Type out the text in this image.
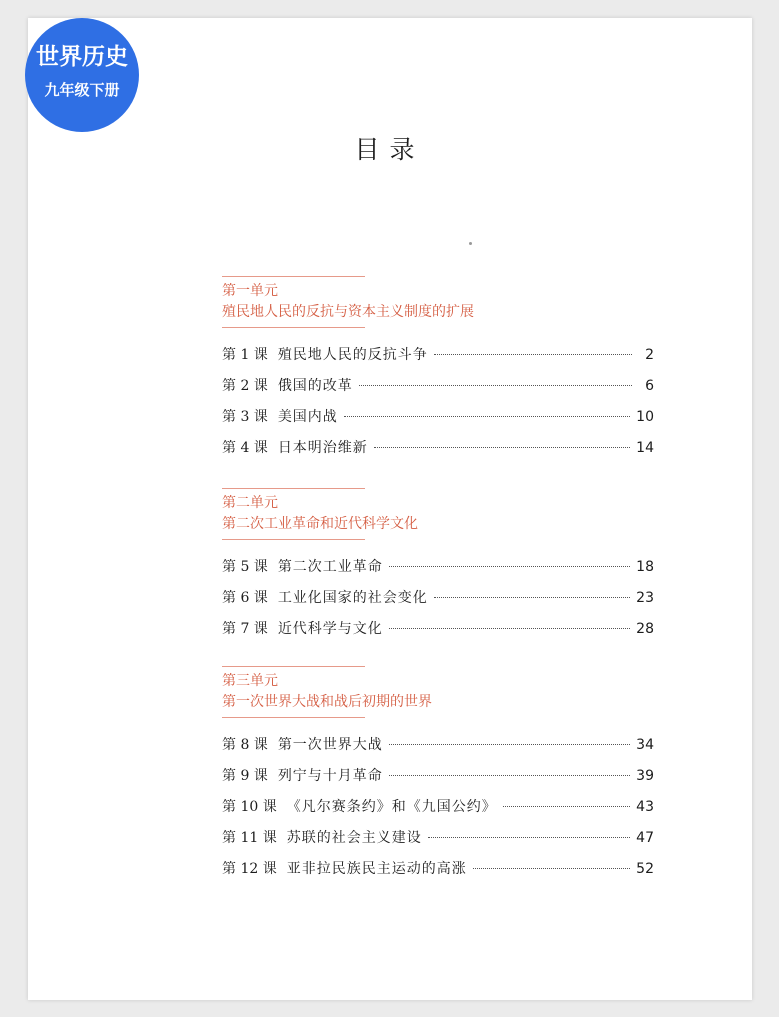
世界历史
九年级下册
目录
第一单元
殖民地人民的反抗与资本主义制度的扩展
第 1 课 殖民地人民的反抗斗争	2
第 2 课 俄国的改革	6
第 3 课 美国内战	10
第 4 课 日本明治维新	14
第二单元
第二次工业革命和近代科学文化
第 5 课 第二次工业革命	18
第 6 课 工业化国家的社会变化	23
第 7 课 近代科学与文化	28
第三单元
第一次世界大战和战后初期的世界
第 8 课 第一次世界大战	34
第 9 课 列宁与十月革命	39
第 10 课 《凡尔赛条约》和《九国公约》	43
第 11 课 苏联的社会主义建设	47
第 12 课 亚非拉民族民主运动的高涨	52
